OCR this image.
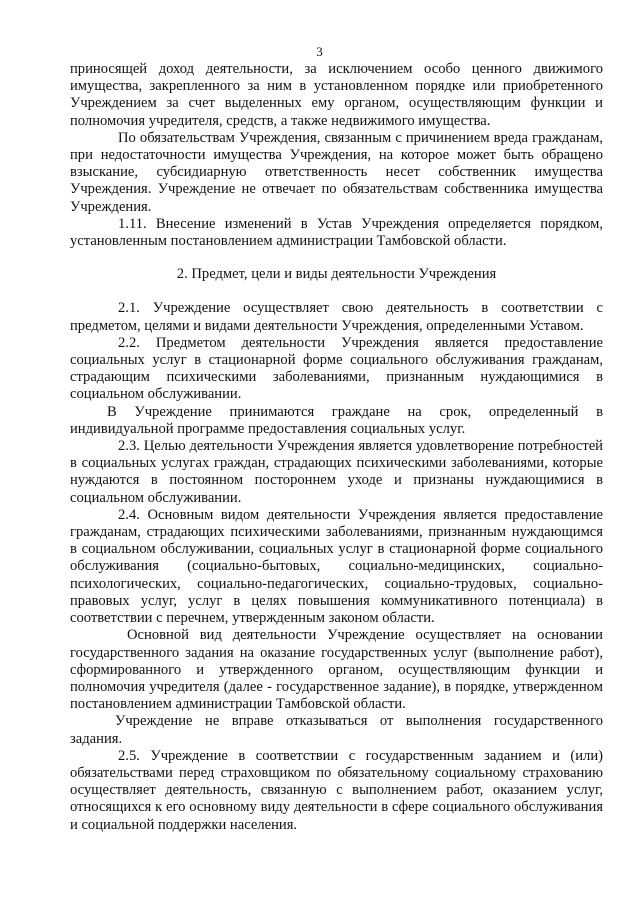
3

приносящей доход деятельности, за исключением особо ценного движимого имущества, закрепленного за ним в установленном порядке или приобретенного Учреждением за счет выделенных ему органом, осуществляющим функции и полномочия учредителя, средств, а также недвижимого имущества.

По обязательствам Учреждения, связанным с причинением вреда гражданам, при недостаточности имущества Учреждения, на которое может быть обращено взыскание, субсидиарную ответственность несет собственник имущества Учреждения. Учреждение не отвечает по обязательствам собственника имущества Учреждения.

1.11. Внесение изменений в Устав Учреждения определяется порядком, установленным постановлением администрации Тамбовской области.

2. Предмет, цели и виды деятельности Учреждения

2.1. Учреждение осуществляет свою деятельность в соответствии с предметом, целями и видами деятельности Учреждения, определенными Уставом.

2.2. Предметом деятельности Учреждения является предоставление социальных услуг в стационарной форме социального обслуживания гражданам, страдающим психическими заболеваниями, признанным нуждающимися в социальном обслуживании.

В Учреждение принимаются граждане на срок, определенный в индивидуальной программе предоставления социальных услуг.

2.3. Целью деятельности Учреждения является удовлетворение потребностей в социальных услугах граждан, страдающих психическими заболеваниями, которые нуждаются в постоянном постороннем уходе и признаны нуждающимися в социальном обслуживании.

2.4. Основным видом деятельности Учреждения является предоставление гражданам, страдающих психическими заболеваниями, признанным нуждающимся в социальном обслуживании, социальных услуг в стационарной форме социального обслуживания (социально-бытовых, социально-медицинских, социально-психологических, социально-педагогических, социально-трудовых, социально-правовых услуг, услуг в целях повышения коммуникативного потенциала) в соответствии с перечнем, утвержденным законом области.

Основной вид деятельности Учреждение осуществляет на основании государственного задания на оказание государственных услуг (выполнение работ), сформированного и утвержденного органом, осуществляющим функции и полномочия учредителя (далее - государственное задание), в порядке, утвержденном постановлением администрации Тамбовской области.

Учреждение не вправе отказываться от выполнения государственного задания.

2.5. Учреждение в соответствии с государственным заданием и (или) обязательствами перед страховщиком по обязательному социальному страхованию осуществляет деятельность, связанную с выполнением работ, оказанием услуг, относящихся к его основному виду деятельности в сфере социального обслуживания и социальной поддержки населения.
